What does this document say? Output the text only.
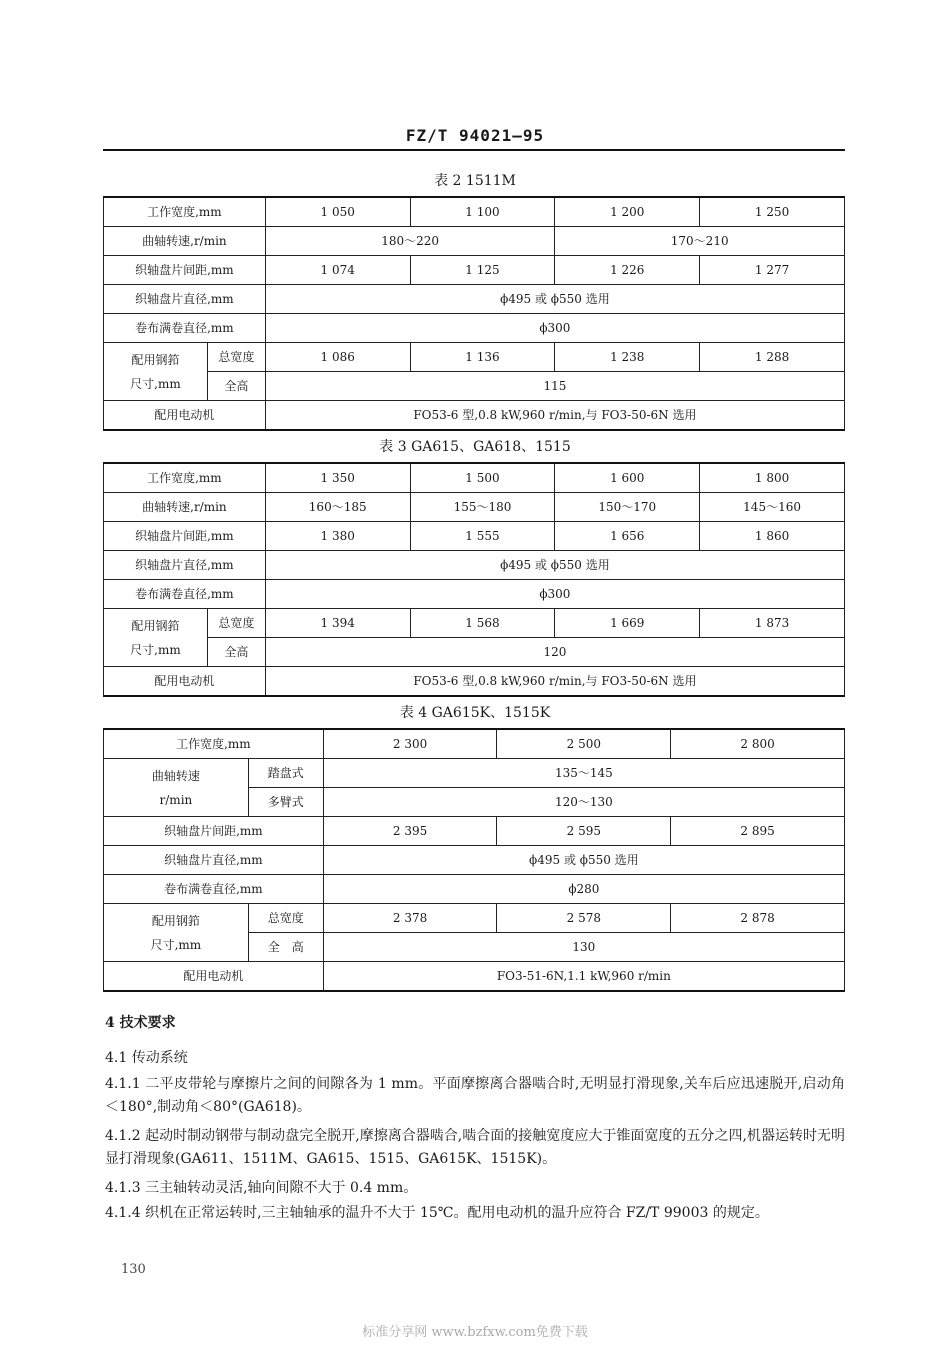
FZ/T 94021—95
表 2 1511M
工作宽度,mm		1 050	1 100	1 200	1 250
曲轴转速,r/min		180～220		170～210	
织轴盘片间距,mm		1 074	1 125	1 226	1 277
织轴盘片直径,mm		ϕ495 或 ϕ550 选用			
卷布满卷直径,mm		ϕ300			

配用钢筘
尺寸,mm	总宽度	1 086	1 136	1 238	1 288
	全高	115			
配用电动机		FO53-6 型,0.8 kW,960 r/min,与 FO3-50-6N 选用			
表 3 GA615、GA618、1515
工作宽度,mm		1 350	1 500	1 600	1 800
曲轴转速,r/min		160～185	155～180	150～170	145～160
织轴盘片间距,mm		1 380	1 555	1 656	1 860
织轴盘片直径,mm		ϕ495 或 ϕ550 选用			
卷布满卷直径,mm		ϕ300			

配用钢筘
尺寸,mm	总宽度	1 394	1 568	1 669	1 873
	全高	120			
配用电动机		FO53-6 型,0.8 kW,960 r/min,与 FO3-50-6N 选用			
表 4 GA615K、1515K
工作宽度,mm		2 300	2 500	2 800

曲轴转速
r/min	踏盘式	135～145		
	多臂式	120～130		
织轴盘片间距,mm		2 395	2 595	2 895
织轴盘片直径,mm		ϕ495 或 ϕ550 选用		
卷布满卷直径,mm		ϕ280		

配用钢筘
尺寸,mm	总宽度	2 378	2 578	2 878
	全　高	130		
配用电动机		FO3-51-6N,1.1 kW,960 r/min		
4 技术要求
4.1 传动系统
4.1.1 二平皮带轮与摩擦片之间的间隙各为 1 mm。平面摩擦离合器啮合时,无明显打滑现象,关车后应迅速脱开,启动角＜180°,制动角＜80°(GA618)。
4.1.2 起动时制动钢带与制动盘完全脱开,摩擦离合器啮合,啮合面的接触宽度应大于锥面宽度的五分之四,机器运转时无明显打滑现象(GA611、1511M、GA615、1515、GA615K、1515K)。
4.1.3 三主轴转动灵活,轴向间隙不大于 0.4 mm。
4.1.4 织机在正常运转时,三主轴轴承的温升不大于 15℃。配用电动机的温升应符合 FZ/T 99003 的规定。
130
标准分享网 www.bzfxw.com免费下载
